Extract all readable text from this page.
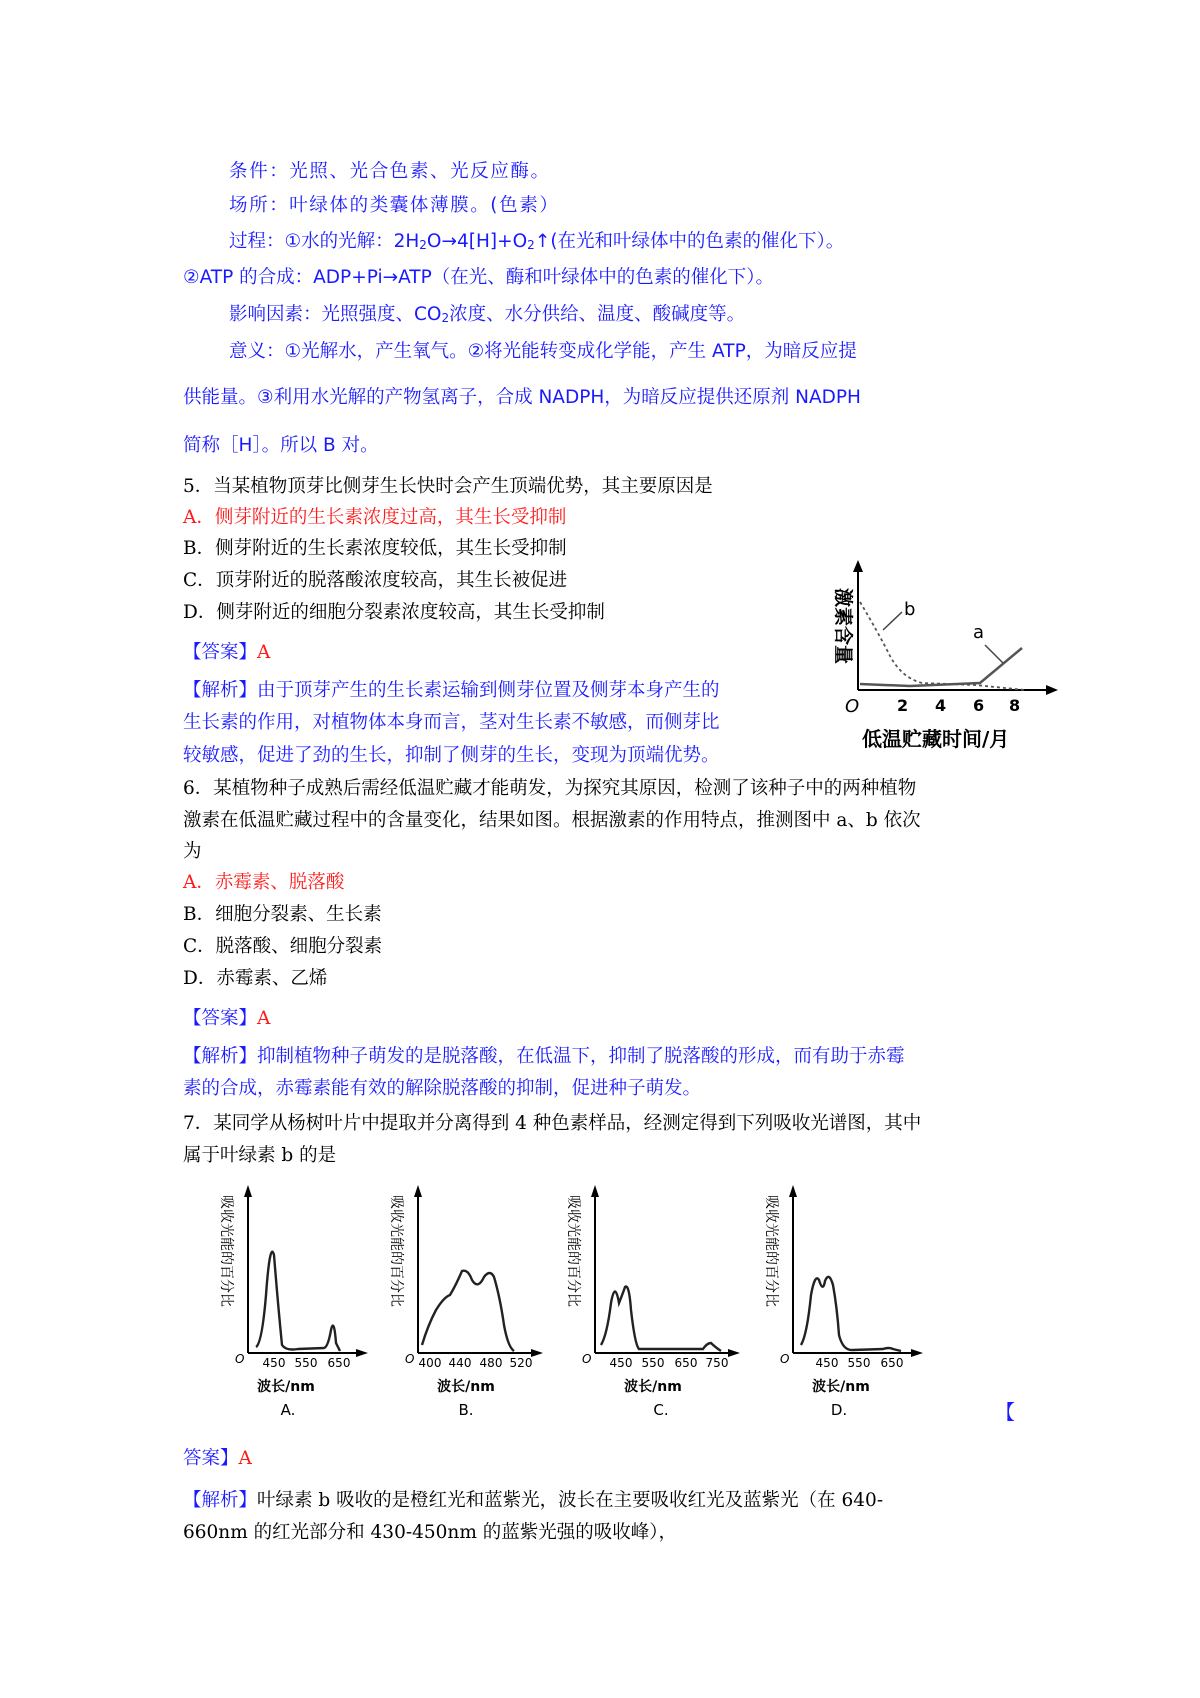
条件：光照、光合色素、光反应酶。
场所：叶绿体的类囊体薄膜。(色素）
过程：①水的光解：2H2O→4[H]+O2↑(在光和叶绿体中的色素的催化下）。
②ATP 的合成：ADP+Pi→ATP（在光、酶和叶绿体中的色素的催化下）。
影响因素：光照强度、CO2浓度、水分供给、温度、酸碱度等。
意义：①光解水，产生氧气。②将光能转变成化学能，产生 ATP，为暗反应提
供能量。③利用水光解的产物氢离子，合成 NADPH，为暗反应提供还原剂 NADPH
简称［H］。所以 B 对。
5．当某植物顶芽比侧芽生长快时会产生顶端优势，其主要原因是
A．侧芽附近的生长素浓度过高，其生长受抑制
B．侧芽附近的生长素浓度较低，其生长受抑制
C．顶芽附近的脱落酸浓度较高，其生长被促进
D．侧芽附近的细胞分裂素浓度较高，其生长受抑制
【答案】A
【解析】由于顶芽产生的生长素运输到侧芽位置及侧芽本身产生的
生长素的作用，对植物体本身而言，茎对生长素不敏感，而侧芽比
较敏感，促进了劲的生长，抑制了侧芽的生长，变现为顶端优势。
激素含量
O 2 4 6 8
b
a
低温贮藏时间/月
6．某植物种子成熟后需经低温贮藏才能萌发，为探究其原因，检测了该种子中的两种植物
激素在低温贮藏过程中的含量变化，结果如图。根据激素的作用特点，推测图中 a、b 依次
为
A．赤霉素、脱落酸
B．细胞分裂素、生长素
C．脱落酸、细胞分裂素
D．赤霉素、乙烯
【答案】A
【解析】抑制植物种子萌发的是脱落酸，在低温下，抑制了脱落酸的形成，而有助于赤霉
素的合成，赤霉素能有效的解除脱落酸的抑制，促进种子萌发。
7．某同学从杨树叶片中提取并分离得到 4 种色素样品，经测定得到下列吸收光谱图，其中
属于叶绿素 b 的是
吸收光能的百分比
O 450 550 650
波长/nm
A.
吸收光能的百分比
O 400 440 480 520
波长/nm
B.
吸收光能的百分比
O 450 550 650 750
波长/nm
C.
吸收光能的百分比
O 450 550 650
波长/nm
D.	【
答案】A
【解析】叶绿素 b 吸收的是橙红光和蓝紫光，波长在主要吸收红光及蓝紫光（在 640-
660nm 的红光部分和 430-450nm 的蓝紫光强的吸收峰），
